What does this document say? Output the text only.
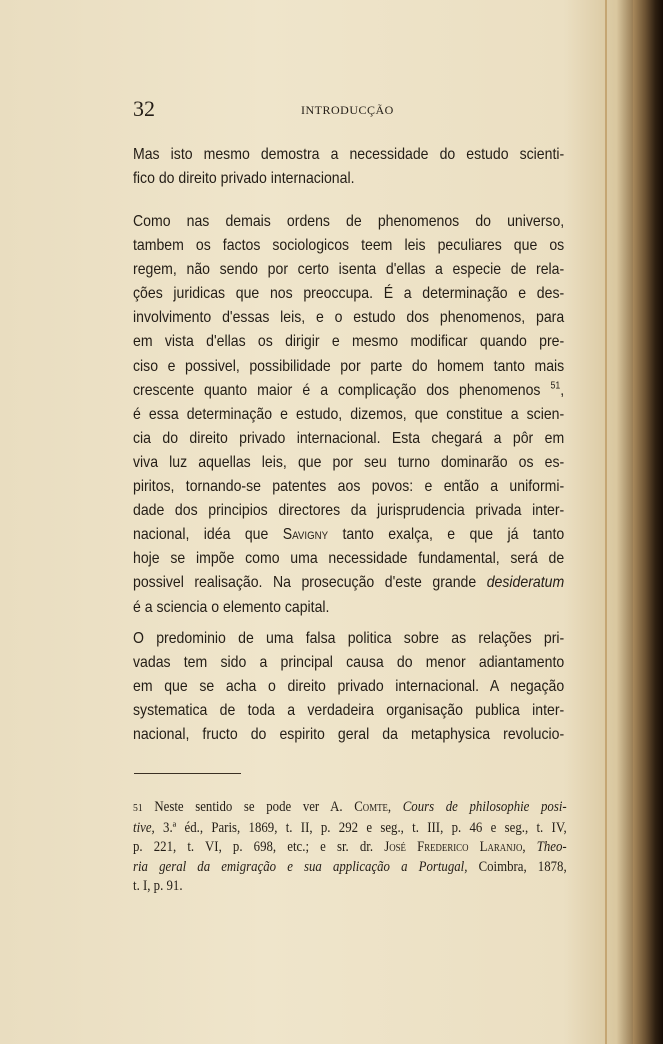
32	INTRODUCÇÃO
Mas isto mesmo demostra a necessidade do estudo scienti-
fico do direito privado internacional.
Como nas demais ordens de phenomenos do universo,
tambem os factos sociologicos teem leis peculiares que os
regem, não sendo por certo isenta d'ellas a especie de rela-
ções juridicas que nos preoccupa. É a determinação e des-
involvimento d'essas leis, e o estudo dos phenomenos, para
em vista d'ellas os dirigir e mesmo modificar quando pre-
ciso e possivel, possibilidade por parte do homem tanto mais
crescente quanto maior é a complicação dos phenomenos $^{51}$,
é essa determinação e estudo, dizemos, que constitue a scien-
cia do direito privado internacional. Esta chegará a pôr em
viva luz aquellas leis, que por seu turno dominarão os es-
piritos, tornando-se patentes aos povos: e então a uniformi-
dade dos principios directores da jurisprudencia privada inter-
nacional, idéa que Savigny tanto exalça, e que já tanto
hoje se impõe como uma necessidade fundamental, será de
possivel realisação. Na prosecução d'este grande desideratum
é a sciencia o elemento capital.
O predominio de uma falsa politica sobre as relações pri-
vadas tem sido a principal causa do menor adiantamento
em que se acha o direito privado internacional. A negação
systematica de toda a verdadeira organisação publica inter-
nacional, fructo do espirito geral da metaphysica revolucio-
51 Neste sentido se pode ver A. Comte, Cours de philosophie posi-
tive, 3.ª éd., Paris, 1869, t. II, p. 292 e seg., t. III, p. 46 e seg., t. IV,
p. 221, t. VI, p. 698, etc.; e sr. dr. José Frederico Laranjo, Theo-
ria geral da emigração e sua applicação a Portugal, Coimbra, 1878,
t. I, p. 91.
